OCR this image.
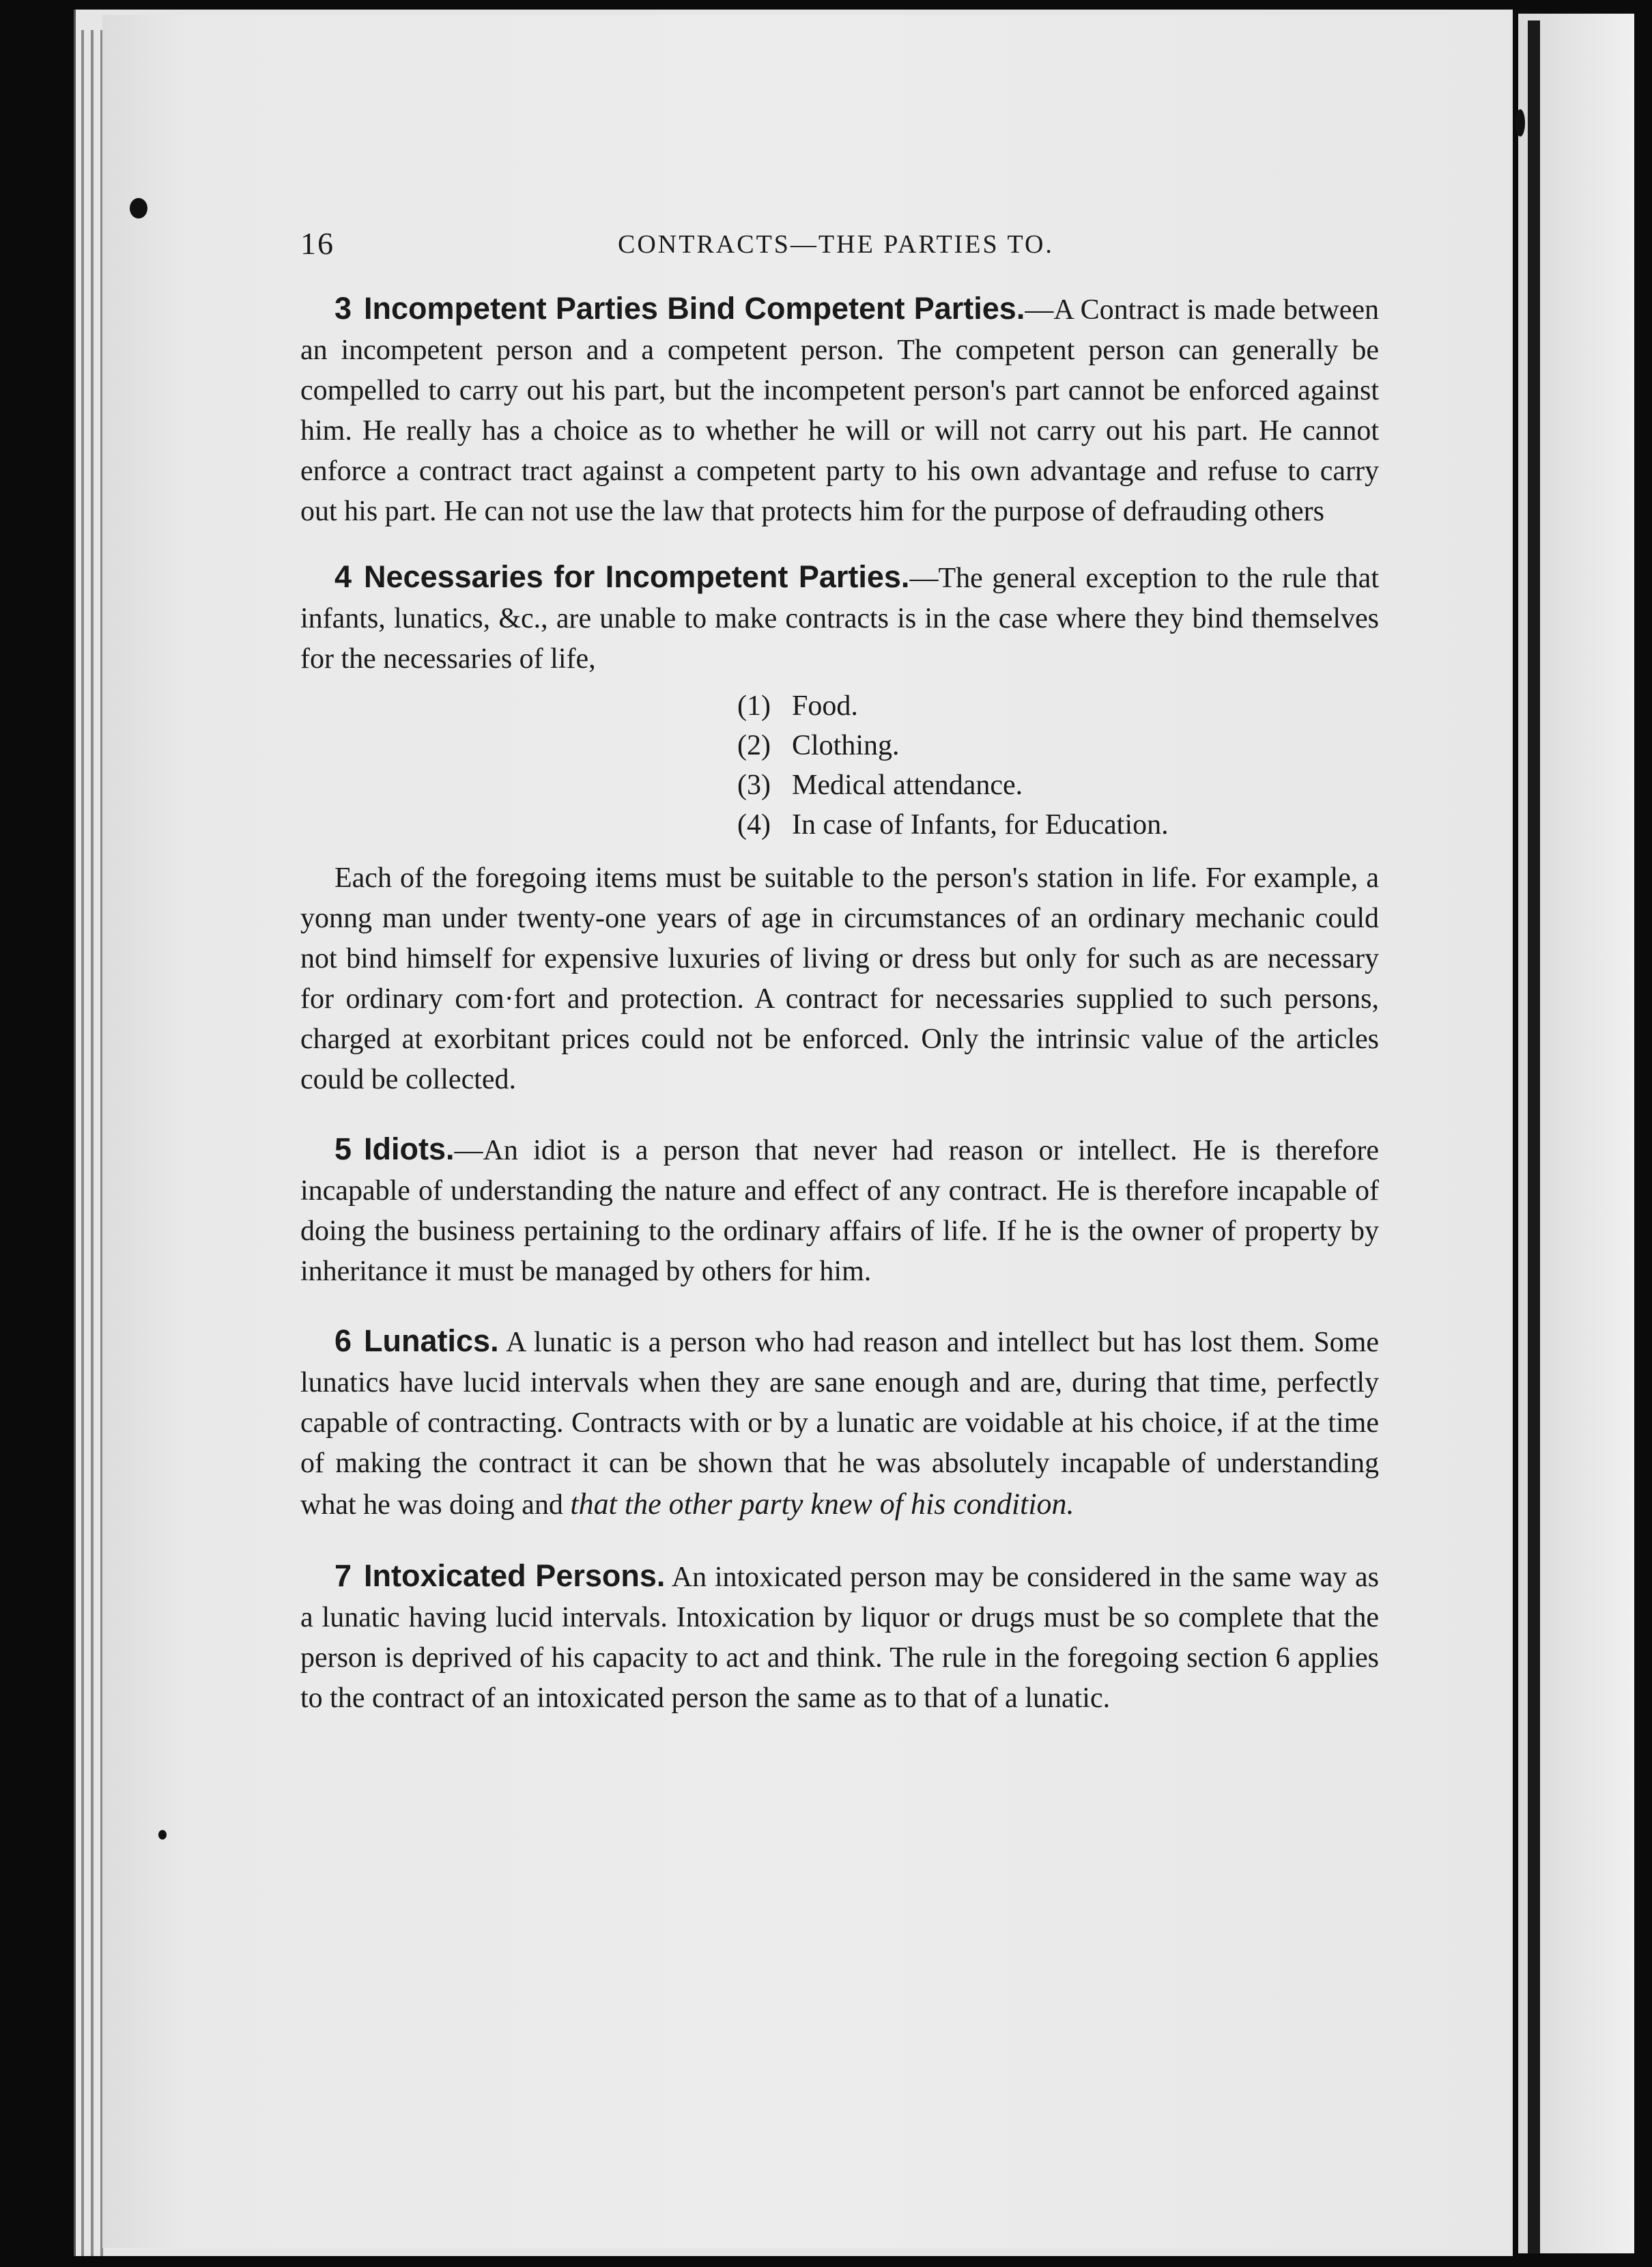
16	CONTRACTS—THE PARTIES TO.

3 Incompetent Parties Bind Competent Parties.—A Contract is made between an incompetent person and a competent person. The competent person can generally be compelled to carry out his part, but the incompetent person's part cannot be enforced against him. He really has a choice as to whether he will or will not carry out his part. He cannot enforce a contract tract against a competent party to his own advantage and refuse to carry out his part. He can not use the law that protects him for the purpose of defrauding others

4 Necessaries for Incompetent Parties.—The general exception to the rule that infants, lunatics, &c., are unable to make contracts is in the case where they bind themselves for the necessaries of life,

(1) Food.
(2) Clothing.
(3) Medical attendance.
(4) In case of Infants, for Education.

Each of the foregoing items must be suitable to the person's station in life. For example, a yonng man under twenty-one years of age in circumstances of an ordinary mechanic could not bind himself for expensive luxuries of living or dress but only for such as are necessary for ordinary com·fort and protection. A contract for necessaries supplied to such persons, charged at exorbitant prices could not be enforced. Only the intrinsic value of the articles could be collected.

5 Idiots.—An idiot is a person that never had reason or intellect. He is therefore incapable of understanding the nature and effect of any contract. He is therefore incapable of doing the business pertaining to the ordinary affairs of life. If he is the owner of property by inheritance it must be managed by others for him.

6 Lunatics. A lunatic is a person who had reason and intellect but has lost them. Some lunatics have lucid intervals when they are sane enough and are, during that time, perfectly capable of contracting. Contracts with or by a lunatic are voidable at his choice, if at the time of making the contract it can be shown that he was absolutely incapable of understanding what he was doing and that the other party knew of his condition.

7 Intoxicated Persons. An intoxicated person may be considered in the same way as a lunatic having lucid intervals. Intoxication by liquor or drugs must be so complete that the person is deprived of his capacity to act and think. The rule in the foregoing section 6 applies to the contract of an intoxicated person the same as to that of a lunatic.
